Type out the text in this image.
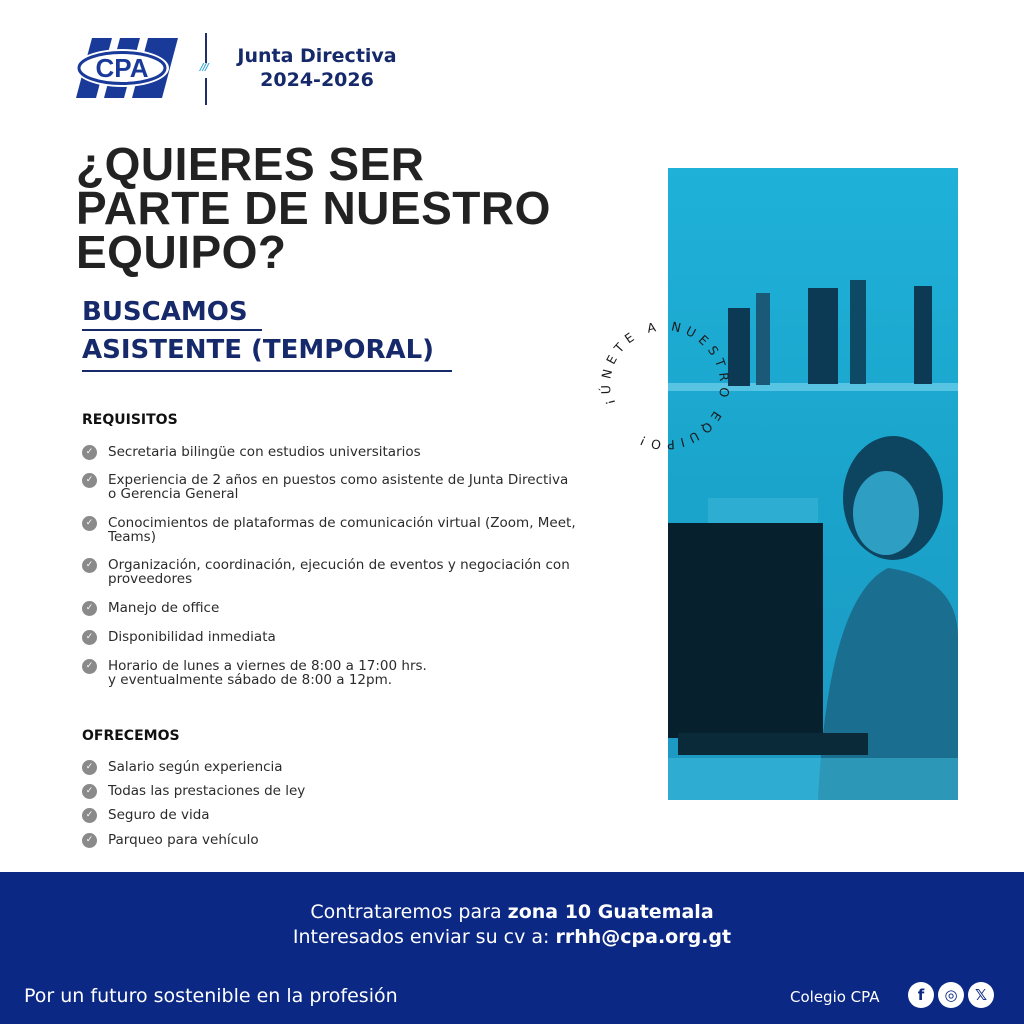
CPA	///
Junta Directiva
2024-2026
¿QUIERES SER
PARTE DE NUESTRO
EQUIPO?
BUSCAMOS
ASISTENTE (TEMPORAL)
REQUISITOS
✓ Secretaria bilingüe con estudios universitarios
✓ Experiencia de 2 años en puestos como asistente de Junta Directiva
o Gerencia General
✓ Conocimientos de plataformas de comunicación virtual (Zoom, Meet,
Teams)
✓ Organización, coordinación, ejecución de eventos y negociación con
proveedores
✓ Manejo de office
✓ Disponibilidad inmediata
✓ Horario de lunes a viernes de 8:00 a 17:00 hrs.
y eventualmente sábado de 8:00 a 12pm.
OFRECEMOS
✓ Salario según experiencia
✓ Todas las prestaciones de ley
✓ Seguro de vida
✓ Parqueo para vehículo
¡ÚNETE A NUESTRO EQUIPO!
Contrataremos para zona 10 Guatemala
Interesados enviar su cv a: rrhh@cpa.org.gt
Por un futuro sostenible en la profesión	Colegio CPA	f	◎	𝕏
